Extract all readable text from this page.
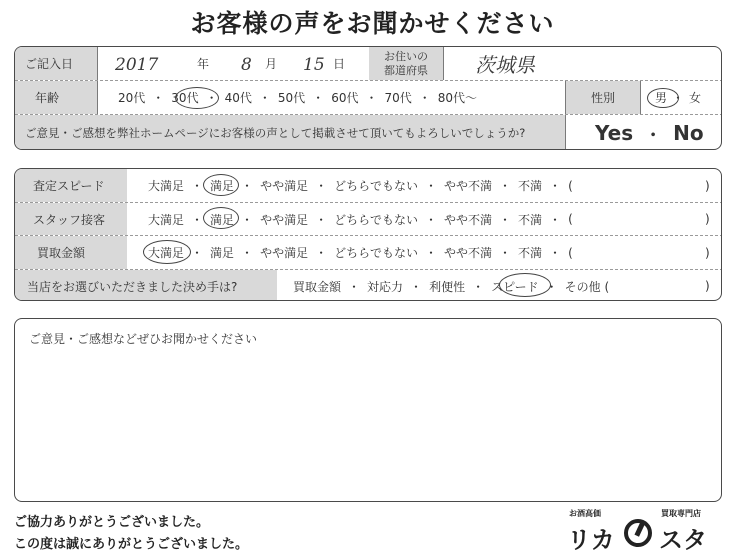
お客様の声をお聞かせください
ご記入日	2017	年 8 月 15 日	お住いの
都道府県	茨城県
年齢	20代 ・ 30代 ・ 40代 ・ 50代 ・ 60代 ・ 70代 ・ 80代〜	性別	男 ・ 女
ご意見・ご感想を弊社ホームページにお客様の声として掲載させて頂いてもよろしいでしょうか?	Yes ・ No
査定スピード	大満足 ・ 満足 ・ やや満足 ・ どちらでもない ・ やや不満 ・ 不満 ・ (	)
スタッフ接客	大満足 ・ 満足 ・ やや満足 ・ どちらでもない ・ やや不満 ・ 不満 ・ (	)
買取金額	大満足 ・ 満足 ・ やや満足 ・ どちらでもない ・ やや不満 ・ 不満 ・ (	)
当店をお選びいただきました決め手は?	買取金額 ・ 対応力 ・ 利便性 ・ スピード ・ その他 (	)
ご意見・ご感想などぜひお聞かせください
ご協力ありがとうございました。
この度は誠にありがとうございました。
お酒高価	買取専門店
リカ スタ
